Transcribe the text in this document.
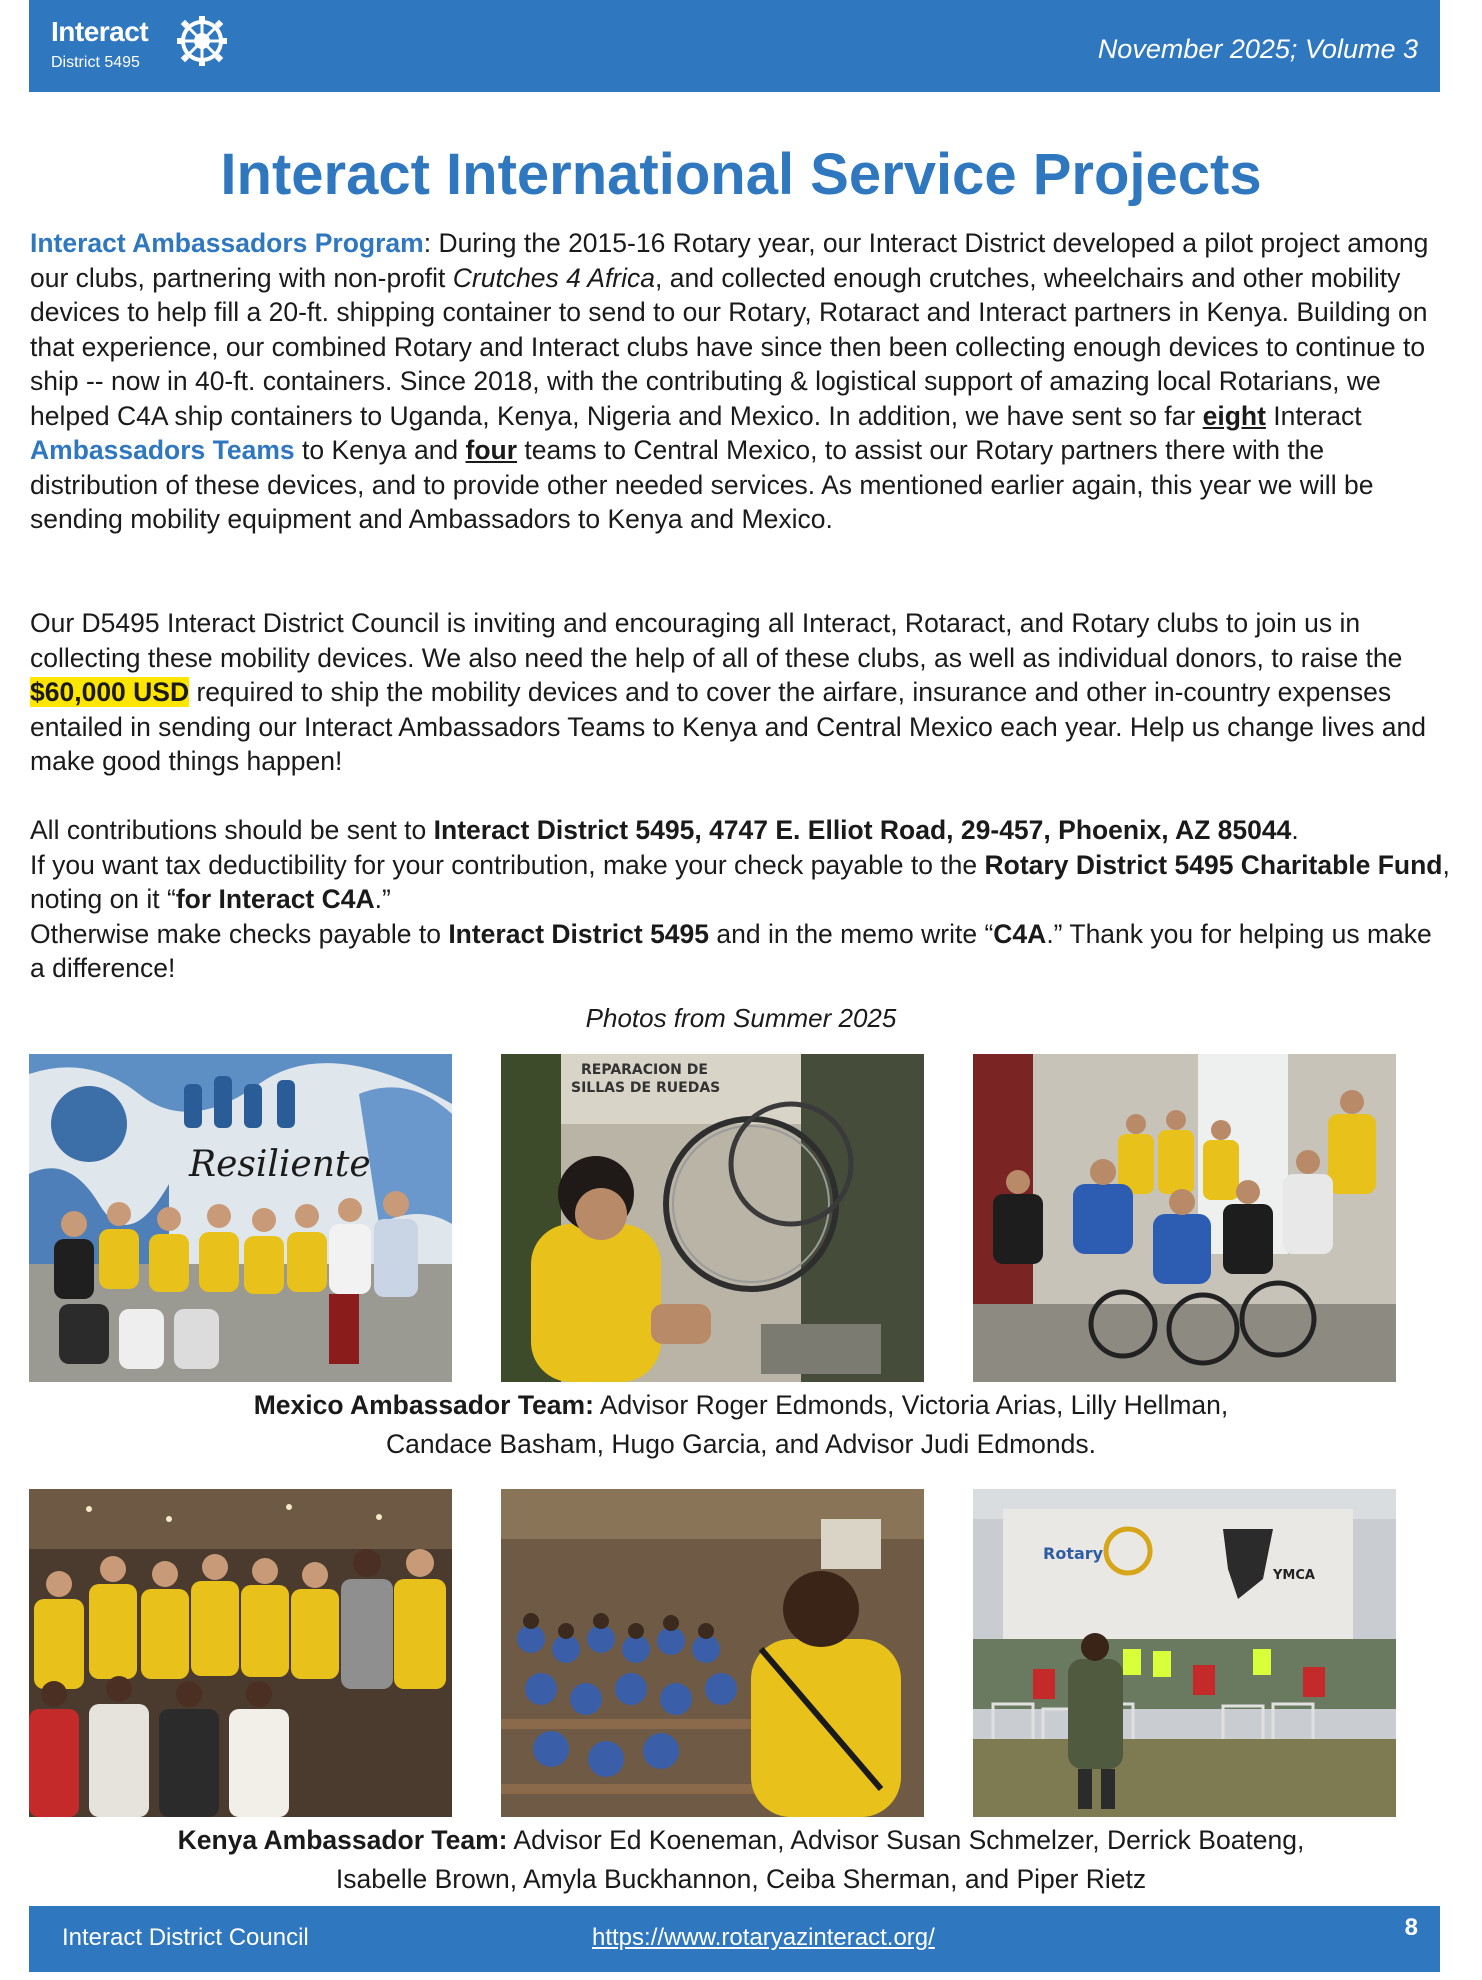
Interact
District 5495	November 2025; Volume 3
Interact International Service Projects

Interact Ambassadors Program: During the 2015-16 Rotary year, our Interact District developed a pilot project among our clubs, partnering with non-profit Crutches 4 Africa, and collected enough crutches, wheelchairs and other mobility devices to help fill a 20-ft. shipping container to send to our Rotary, Rotaract and Interact partners in Kenya. Building on that experience, our combined Rotary and Interact clubs have since then been collecting enough devices to continue to ship -- now in 40-ft. containers. Since 2018, with the contributing & logistical support of amazing local Rotarians, we helped C4A ship containers to Uganda, Kenya, Nigeria and Mexico. In addition, we have sent so far eight Interact Ambassadors Teams to Kenya and four teams to Central Mexico, to assist our Rotary partners there with the distribution of these devices, and to provide other needed services. As mentioned earlier again, this year we will be sending mobility equipment and Ambassadors to Kenya and Mexico.

Our D5495 Interact District Council is inviting and encouraging all Interact, Rotaract, and Rotary clubs to join us in collecting these mobility devices. We also need the help of all of these clubs, as well as individual donors, to raise the $60,000 USD required to ship the mobility devices and to cover the airfare, insurance and other in-country expenses entailed in sending our Interact Ambassadors Teams to Kenya and Central Mexico each year. Help us change lives and make good things happen!

All contributions should be sent to Interact District 5495, 4747 E. Elliot Road, 29-457, Phoenix, AZ 85044.
If you want tax deductibility for your contribution, make your check payable to the Rotary District 5495 Charitable Fund, noting on it “for Interact C4A.”
Otherwise make checks payable to Interact District 5495 and in the memo write “C4A.” Thank you for helping us make a difference!

Photos from Summer 2025
Resiliente
REPARACION DE
SILLAS DE RUEDAS
Mexico Ambassador Team: Advisor Roger Edmonds, Victoria Arias, Lilly Hellman,
Candace Basham, Hugo Garcia, and Advisor Judi Edmonds.
Rotary
YMCA
Kenya Ambassador Team: Advisor Ed Koeneman, Advisor Susan Schmelzer, Derrick Boateng,
Isabelle Brown, Amyla Buckhannon, Ceiba Sherman, and Piper Rietz
Interact District Council	https://www.rotaryazinteract.org/	8
